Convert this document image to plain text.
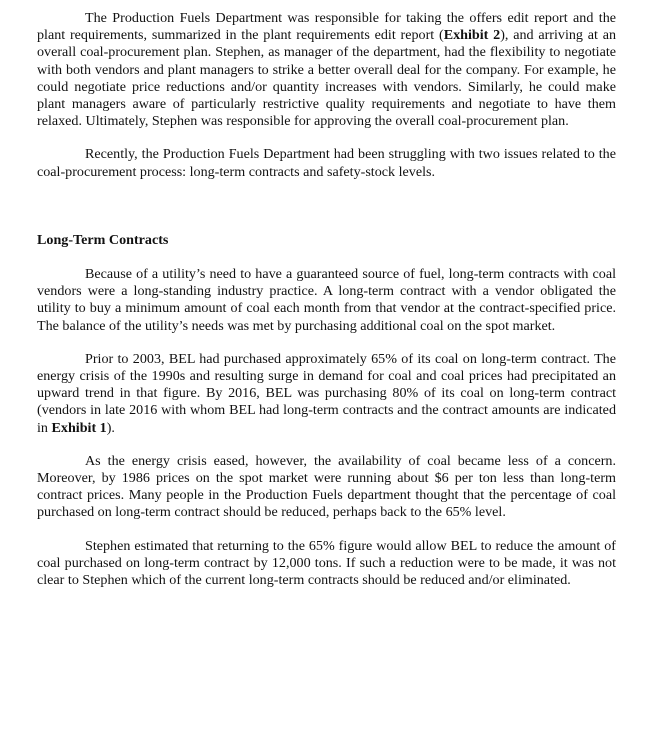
The Production Fuels Department was responsible for taking the offers edit report and the plant requirements, summarized in the plant requirements edit report (Exhibit 2), and arriving at an overall coal-procurement plan. Stephen, as manager of the department, had the flexibility to negotiate with both vendors and plant managers to strike a better overall deal for the company. For example, he could negotiate price reductions and/or quantity increases with vendors. Similarly, he could make plant managers aware of particularly restrictive quality requirements and negotiate to have them relaxed. Ultimately, Stephen was responsible for approving the overall coal-procurement plan.

Recently, the Production Fuels Department had been struggling with two issues related to the coal-procurement process: long-term contracts and safety-stock levels.

Long-Term Contracts

Because of a utility’s need to have a guaranteed source of fuel, long-term contracts with coal vendors were a long-standing industry practice. A long-term contract with a vendor obligated the utility to buy a minimum amount of coal each month from that vendor at the contract-specified price. The balance of the utility’s needs was met by purchasing additional coal on the spot market.

Prior to 2003, BEL had purchased approximately 65% of its coal on long-term contract. The energy crisis of the 1990s and resulting surge in demand for coal and coal prices had precipitated an upward trend in that figure. By 2016, BEL was purchasing 80% of its coal on long-term contract (vendors in late 2016 with whom BEL had long-term contracts and the contract amounts are indicated in Exhibit 1).

As the energy crisis eased, however, the availability of coal became less of a concern. Moreover, by 1986 prices on the spot market were running about $6 per ton less than long-term contract prices. Many people in the Production Fuels department thought that the percentage of coal purchased on long-term contract should be reduced, perhaps back to the 65% level.

Stephen estimated that returning to the 65% figure would allow BEL to reduce the amount of coal purchased on long-term contract by 12,000 tons. If such a reduction were to be made, it was not clear to Stephen which of the current long-term contracts should be reduced and/or eliminated.
